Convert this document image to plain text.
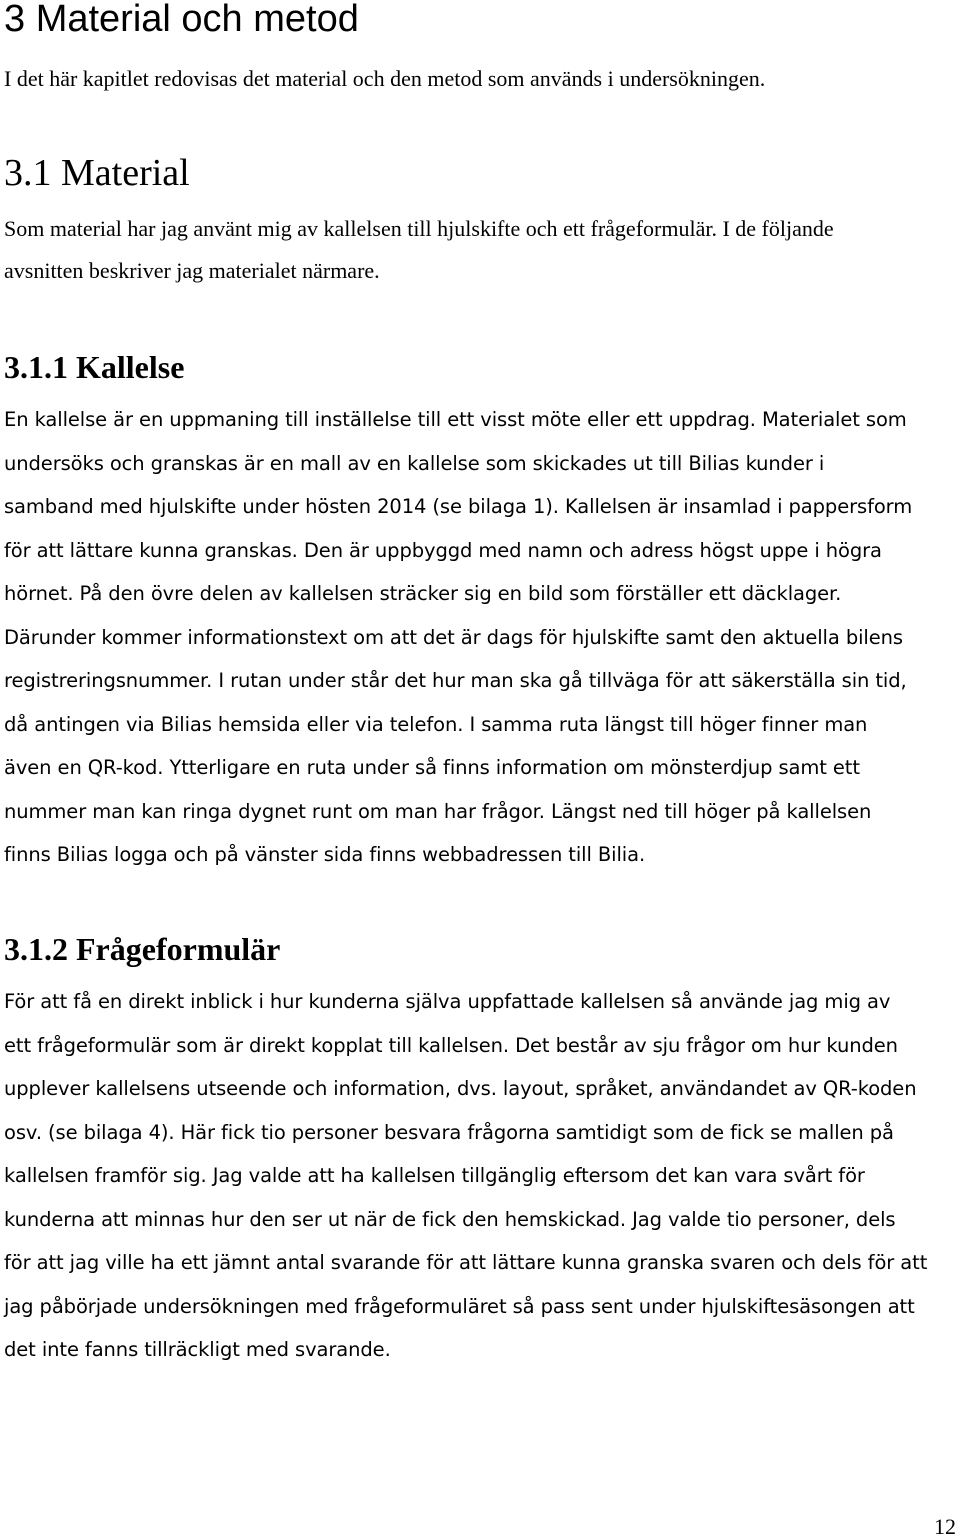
3 Material och metod

I det här kapitlet redovisas det material och den metod som används i undersökningen.

3.1 Material

Som material har jag använt mig av kallelsen till hjulskifte och ett frågeformulär. I de följande
avsnitten beskriver jag materialet närmare.

3.1.1 Kallelse

En kallelse är en uppmaning till inställelse till ett visst möte eller ett uppdrag. Materialet som
undersöks och granskas är en mall av en kallelse som skickades ut till Bilias kunder i
samband med hjulskifte under hösten 2014 (se bilaga 1). Kallelsen är insamlad i pappersform
för att lättare kunna granskas. Den är uppbyggd med namn och adress högst uppe i högra
hörnet. På den övre delen av kallelsen sträcker sig en bild som förställer ett däcklager.
Därunder kommer informationstext om att det är dags för hjulskifte samt den aktuella bilens
registreringsnummer. I rutan under står det hur man ska gå tillväga för att säkerställa sin tid,
då antingen via Bilias hemsida eller via telefon. I samma ruta längst till höger finner man
även en QR-kod. Ytterligare en ruta under så finns information om mönsterdjup samt ett
nummer man kan ringa dygnet runt om man har frågor. Längst ned till höger på kallelsen
finns Bilias logga och på vänster sida finns webbadressen till Bilia.

3.1.2 Frågeformulär

För att få en direkt inblick i hur kunderna själva uppfattade kallelsen så använde jag mig av
ett frågeformulär som är direkt kopplat till kallelsen. Det består av sju frågor om hur kunden
upplever kallelsens utseende och information, dvs. layout, språket, användandet av QR-koden
osv. (se bilaga 4). Här fick tio personer besvara frågorna samtidigt som de fick se mallen på
kallelsen framför sig. Jag valde att ha kallelsen tillgänglig eftersom det kan vara svårt för
kunderna att minnas hur den ser ut när de fick den hemskickad. Jag valde tio personer, dels
för att jag ville ha ett jämnt antal svarande för att lättare kunna granska svaren och dels för att
jag påbörjade undersökningen med frågeformuläret så pass sent under hjulskiftesäsongen att
det inte fanns tillräckligt med svarande.

12
